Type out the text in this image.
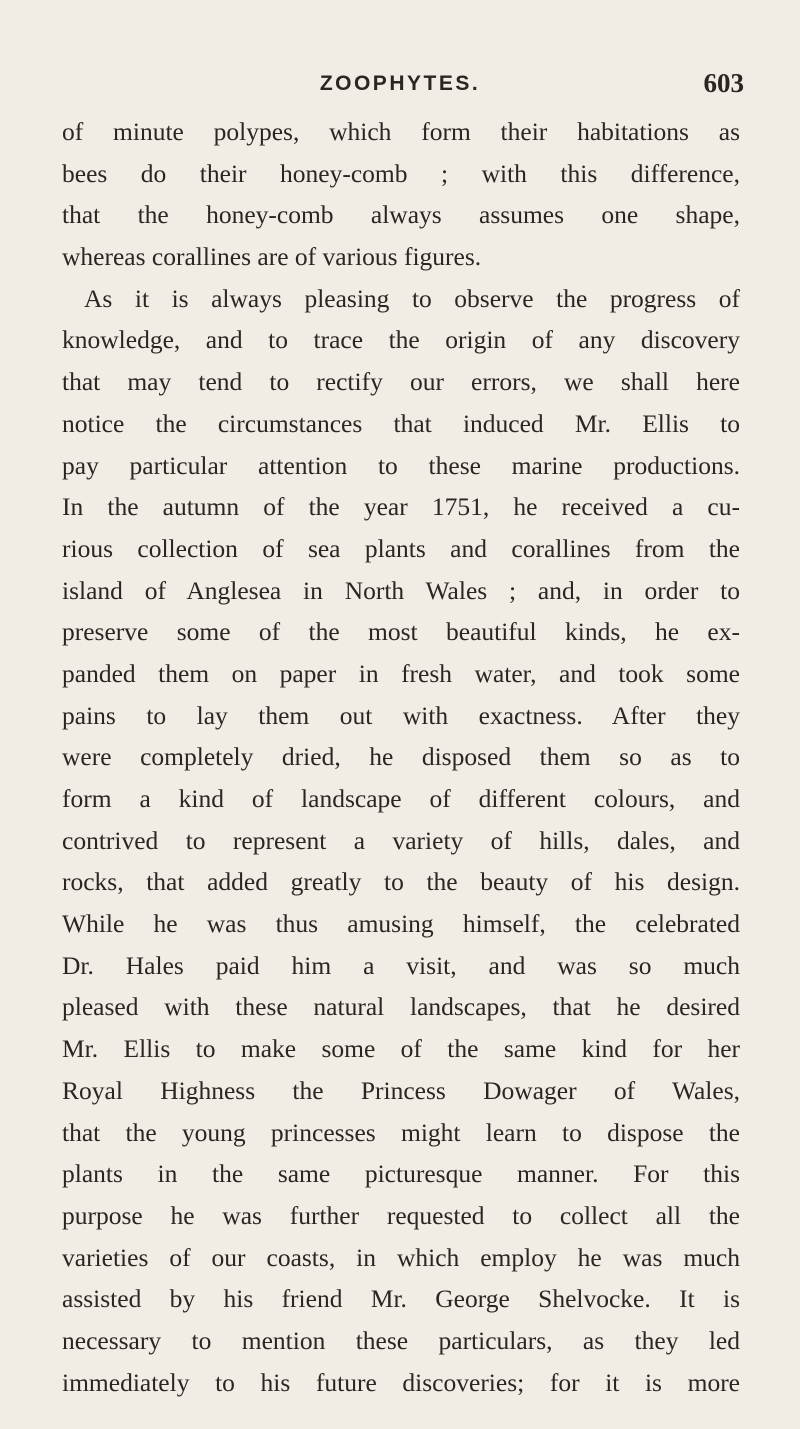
ZOOPHYTES.	603
of minute polypes, which form their habitations as
bees do their honey-comb ; with this difference,
that the honey-comb always assumes one shape,
whereas corallines are of various figures.
As it is always pleasing to observe the progress of
knowledge, and to trace the origin of any discovery
that may tend to rectify our errors, we shall here
notice the circumstances that induced Mr. Ellis to
pay particular attention to these marine productions.
In the autumn of the year 1751, he received a cu-
rious collection of sea plants and corallines from the
island of Anglesea in North Wales ; and, in order to
preserve some of the most beautiful kinds, he ex-
panded them on paper in fresh water, and took some
pains to lay them out with exactness. After they
were completely dried, he disposed them so as to
form a kind of landscape of different colours, and
contrived to represent a variety of hills, dales, and
rocks, that added greatly to the beauty of his design.
While he was thus amusing himself, the celebrated
Dr. Hales paid him a visit, and was so much
pleased with these natural landscapes, that he desired
Mr. Ellis to make some of the same kind for her
Royal Highness the Princess Dowager of Wales,
that the young princesses might learn to dispose the
plants in the same picturesque manner. For this
purpose he was further requested to collect all the
varieties of our coasts, in which employ he was much
assisted by his friend Mr. George Shelvocke. It is
necessary to mention these particulars, as they led
immediately to his future discoveries; for it is more
